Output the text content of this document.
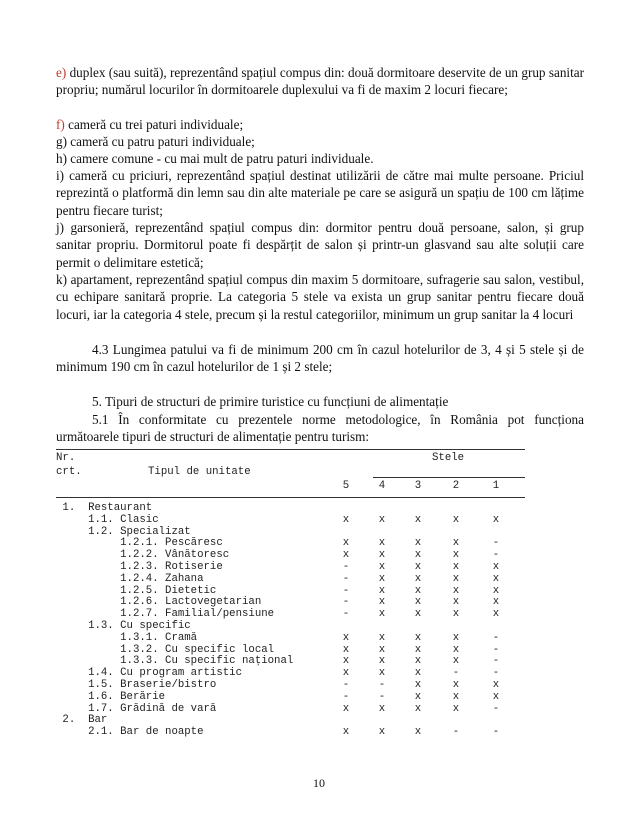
e) duplex (sau suită), reprezentând spațiul compus din: două dormitoare deservite de un grup sanitar propriu; numărul locurilor în dormitoarele duplexului va fi de maxim 2 locuri fiecare;

f) cameră cu trei paturi individuale;

g) cameră cu patru paturi individuale;

h) camere comune - cu mai mult de patru paturi individuale.

i) cameră cu priciuri, reprezentând spațiul destinat utilizării de către mai multe persoane. Priciul reprezintă o platformă din lemn sau din alte materiale pe care se asigură un spațiu de 100 cm lățime pentru fiecare turist;

j) garsonieră, reprezentând spațiul compus din: dormitor pentru două persoane, salon, și grup sanitar propriu. Dormitorul poate fi despărțit de salon și printr-un glasvand sau alte soluții care permit o delimitare estetică;

k) apartament, reprezentând spațiul compus din maxim 5 dormitoare, sufragerie sau salon, vestibul, cu echipare sanitară proprie. La categoria 5 stele va exista un grup sanitar pentru fiecare două locuri, iar la categoria 4 stele, precum și la restul categoriilor, minimum un grup sanitar la 4 locuri

4.3 Lungimea patului va fi de minimum 200 cm în cazul hotelurilor de 3, 4 și 5 stele și de minimum 190 cm în cazul hotelurilor de 1 și 2 stele;

5. Tipuri de structuri de primire turistice cu funcțiuni de alimentație

5.1 În conformitate cu prezentele norme metodologice, în România pot funcționa următoarele tipuri de structuri de alimentație pentru turism:

Nr.	Stele
crt.	Tipul de unitate
5	4	3	2	1
1.  Restaurant
1.1. Clasic	x	x	x	x	x
1.2. Specializat
1.2.1. Pescăresc	x	x	x	x	-
1.2.2. Vânătoresc	x	x	x	x	-
1.2.3. Rotiserie	-	x	x	x	x
1.2.4. Zahana	-	x	x	x	x
1.2.5. Dietetic	-	x	x	x	x
1.2.6. Lactovegetarian	-	x	x	x	x
1.2.7. Familial/pensiune	-	x	x	x	x
1.3. Cu specific
1.3.1. Cramă	x	x	x	x	-
1.3.2. Cu specific local	x	x	x	x	-
1.3.3. Cu specific național	x	x	x	x	-
1.4. Cu program artistic	x	x	x	-	-
1.5. Braserie/bistro	-	-	x	x	x
1.6. Berărie	-	-	x	x	x
1.7. Grădină de vară	x	x	x	x	-
2.  Bar
2.1. Bar de noapte	x	x	x	-	-
10
